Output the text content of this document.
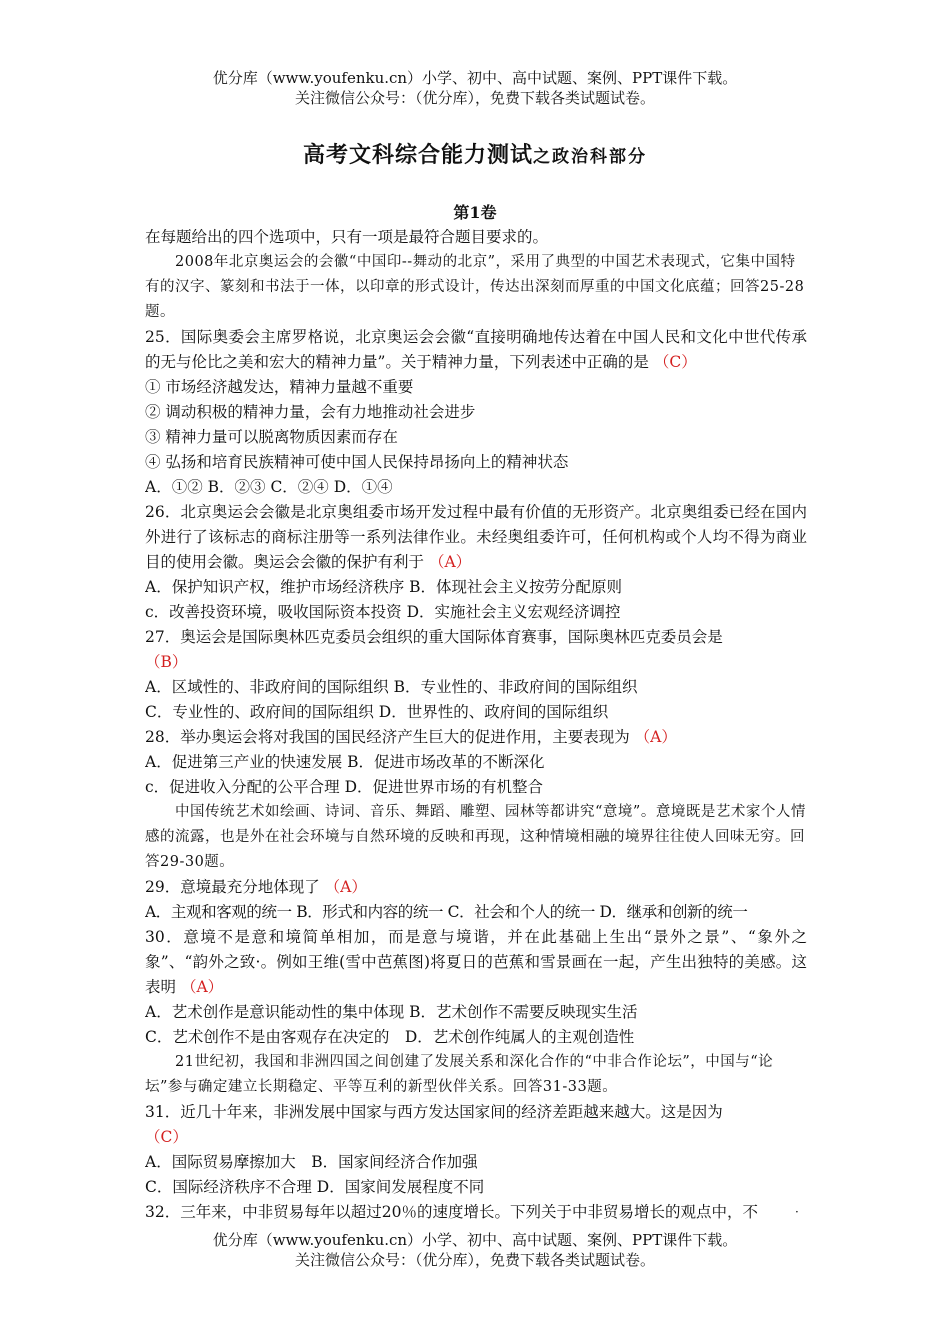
优分库（www.youfenku.cn）小学、初中、高中试题、案例、PPT课件下载。
关注微信公众号：（优分库），免费下载各类试题试卷。
高考文科综合能力测试之政治科部分
第1卷

在每题给出的四个选项中，只有一项是最符合题目要求的。

2008年北京奥运会的会徽“中国印--舞动的北京”，采用了典型的中国艺术表现式，它集中国特有的汉字、篆刻和书法于一体，以印章的形式设计，传达出深刻而厚重的中国文化底蕴；回答25-28题。

25．国际奥委会主席罗格说，北京奥运会会徽“直接明确地传达着在中国人民和文化中世代传承的无与伦比之美和宏大的精神力量”。关于精神力量，下列表述中正确的是 （C）

① 市场经济越发达，精神力量越不重要

② 调动积极的精神力量，会有力地推动社会进步

③ 精神力量可以脱离物质因素而存在

④ 弘扬和培育民族精神可使中国人民保持昂扬向上的精神状态

A．①② B．②③ C．②④ D．①④

26．北京奥运会会徽是北京奥组委市场开发过程中最有价值的无形资产。北京奥组委已经在国内外进行了该标志的商标注册等一系列法律作业。未经奥组委许可，任何机构或个人均不得为商业目的使用会徽。奥运会会徽的保护有利于 （A）

A．保护知识产权，维护市场经济秩序 B．体现社会主义按劳分配原则

c．改善投资环境，吸收国际资本投资 D．实施社会主义宏观经济调控

27．奥运会是国际奥林匹克委员会组织的重大国际体育赛事，国际奥林匹克委员会是
（B）

A．区域性的、非政府间的国际组织 B．专业性的、非政府间的国际组织

C．专业性的、政府间的国际组织 D．世界性的、政府间的国际组织

28．举办奥运会将对我国的国民经济产生巨大的促进作用，主要表现为 （A）

A．促进第三产业的快速发展 B．促进市场改革的不断深化

c．促进收入分配的公平合理 D．促进世界市场的有机整合

中国传统艺术如绘画、诗词、音乐、舞蹈、雕塑、园林等都讲究“意境”。意境既是艺术家个人情感的流露，也是外在社会环境与自然环境的反映和再现，这种情境相融的境界往往使人回味无穷。回答29-30题。

29．意境最充分地体现了 （A）

A．主观和客观的统一 B．形式和内容的统一 C．社会和个人的统一 D．继承和创新的统一

30．意境不是意和境简单相加，而是意与境谐，并在此基础上生出“景外之景”、“象外之象”、“韵外之致·。例如王维(雪中芭蕉图)将夏日的芭蕉和雪景画在一起，产生出独特的美感。这表明 （A）

A．艺术创作是意识能动性的集中体现 B．艺术创作不需要反映现实生活

C．艺术创作不是由客观存在决定的　D．艺术创作纯属人的主观创造性

21世纪初，我国和非洲四国之间创建了发展关系和深化合作的“中非合作论坛”，中国与“论坛”参与确定建立长期稳定、平等互利的新型伙伴关系。回答31-33题。

31．近几十年来，非洲发展中国家与西方发达国家间的经济差距越来越大。这是因为
（C）

A．国际贸易摩擦加大　B．国家间经济合作加强

C．国际经济秩序不合理 D．国家间发展程度不同

32．三年来，中非贸易每年以超过20％的速度增长。下列关于中非贸易增长的观点中，不	·
优分库（www.youfenku.cn）小学、初中、高中试题、案例、PPT课件下载。
关注微信公众号：（优分库），免费下载各类试题试卷。
